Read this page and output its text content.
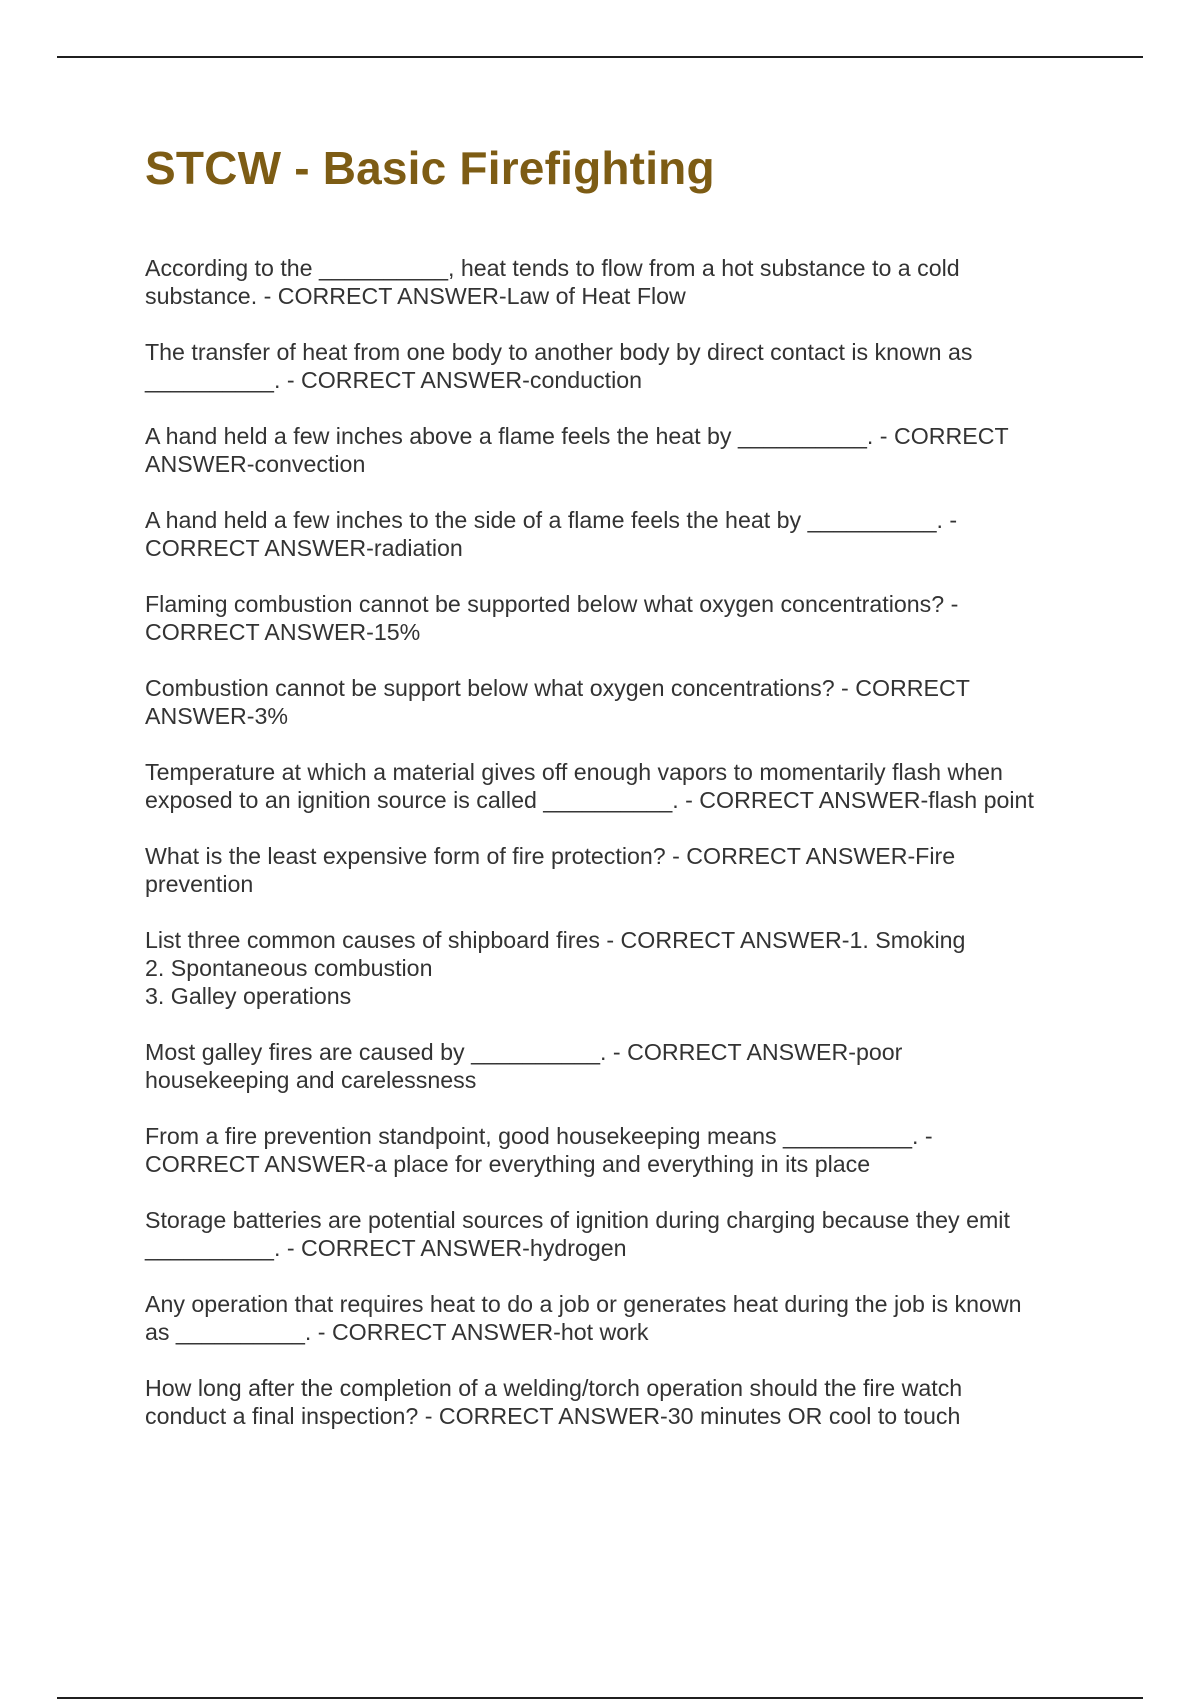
STCW - Basic Firefighting
According to the __________, heat tends to flow from a hot substance to a cold
substance. - CORRECT ANSWER-Law of Heat Flow
The transfer of heat from one body to another body by direct contact is known as
__________. - CORRECT ANSWER-conduction
A hand held a few inches above a flame feels the heat by __________. - CORRECT
ANSWER-convection
A hand held a few inches to the side of a flame feels the heat by __________. -
CORRECT ANSWER-radiation
Flaming combustion cannot be supported below what oxygen concentrations? -
CORRECT ANSWER-15%
Combustion cannot be support below what oxygen concentrations? - CORRECT
ANSWER-3%
Temperature at which a material gives off enough vapors to momentarily flash when
exposed to an ignition source is called __________. - CORRECT ANSWER-flash point
What is the least expensive form of fire protection? - CORRECT ANSWER-Fire
prevention
List three common causes of shipboard fires - CORRECT ANSWER-1. Smoking
2. Spontaneous combustion
3. Galley operations
Most galley fires are caused by __________. - CORRECT ANSWER-poor
housekeeping and carelessness
From a fire prevention standpoint, good housekeeping means __________. -
CORRECT ANSWER-a place for everything and everything in its place
Storage batteries are potential sources of ignition during charging because they emit
__________. - CORRECT ANSWER-hydrogen
Any operation that requires heat to do a job or generates heat during the job is known
as __________. - CORRECT ANSWER-hot work
How long after the completion of a welding/torch operation should the fire watch
conduct a final inspection? - CORRECT ANSWER-30 minutes OR cool to touch
